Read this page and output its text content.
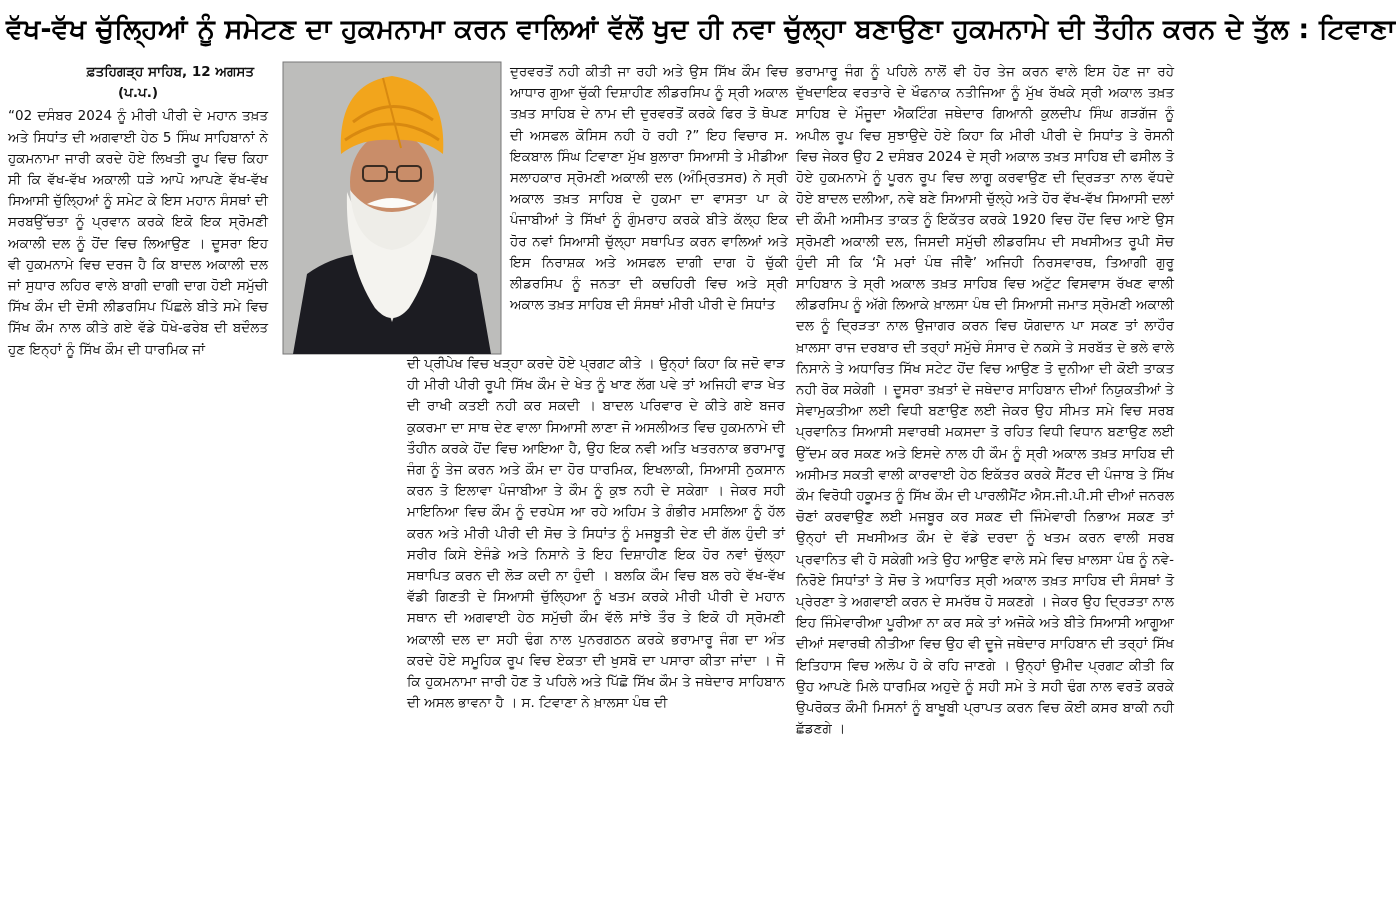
ਵੱਖ-ਵੱਖ ਚੁੱਲ੍ਹਿਆਂ ਨੂੰ ਸਮੇਟਣ ਦਾ ਹੁਕਮਨਾਮਾ ਕਰਨ ਵਾਲਿਆਂ ਵੱਲੋਂ ਖੁਦ ਹੀ ਨਵਾ ਚੁੱਲ੍ਹਾ ਬਣਾਉਣਾ ਹੁਕਮਨਾਮੇ ਦੀ ਤੌਹੀਨ ਕਰਨ ਦੇ ਤੁੱਲ : ਟਿਵਾਣਾ
ਫ਼ਤਹਿਗੜ੍ਹ ਸਾਹਿਬ, 12 ਅਗਸਤ
(ਪ.ਪ.)

“02 ਦਸੰਬਰ 2024 ਨੂੰ ਮੀਰੀ ਪੀਰੀ ਦੇ ਮਹਾਨ ਤਖ਼ਤ ਅਤੇ ਸਿਧਾਂਤ ਦੀ ਅਗਵਾਈ ਹੇਠ 5 ਸਿੰਘ ਸਾਹਿਬਾਨਾਂ ਨੇ ਹੁਕਮਨਾਮਾ ਜਾਰੀ ਕਰਦੇ ਹੋਏ ਲਿਖਤੀ ਰੂਪ ਵਿਚ ਕਿਹਾ ਸੀ ਕਿ ਵੱਖ-ਵੱਖ ਅਕਾਲੀ ਧੜੇ ਆਪੋ ਆਪਣੇ ਵੱਖ-ਵੱਖ ਸਿਆਸੀ ਚੁੱਲ੍ਹਿਆਂ ਨੂੰ ਸਮੇਟ ਕੇ ਇਸ ਮਹਾਨ ਸੰਸਥਾਂ ਦੀ ਸਰਬਉੱਚਤਾ ਨੂੰ ਪ੍ਰਵਾਨ ਕਰਕੇ ਇਕੋ ਇਕ ਸ੍ਰੋਮਣੀ ਅਕਾਲੀ ਦਲ ਨੂੰ ਹੋਂਦ ਵਿਚ ਲਿਆਉਣ । ਦੂਸਰਾ ਇਹ ਵੀ ਹੁਕਮਨਾਮੇ ਵਿਚ ਦਰਜ ਹੈ ਕਿ ਬਾਦਲ ਅਕਾਲੀ ਦਲ ਜਾਂ ਸੁਧਾਰ ਲਹਿਰ ਵਾਲੇ ਬਾਗੀ ਦਾਗੀ ਦਾਗ ਹੋਈ ਸਮੁੱਚੀ ਸਿੱਖ ਕੌਮ ਦੀ ਦੋਸੀ ਲੀਡਰਸਿਪ ਪਿੱਛਲੇ ਬੀਤੇ ਸਮੇ ਵਿਚ ਸਿੱਖ ਕੌਮ ਨਾਲ ਕੀਤੇ ਗਏ ਵੱਡੇ ਧੋਖੇ-ਫਰੇਬ ਦੀ ਬਦੌਲਤ ਹੁਣ ਇਨ੍ਹਾਂ ਨੂੰ ਸਿੱਖ ਕੌਮ ਦੀ ਧਾਰਮਿਕ ਜਾਂ

ਦੁਰਵਰਤੋਂ ਨਹੀ ਕੀਤੀ ਜਾ ਰਹੀ ਅਤੇ ਉਸ ਸਿੱਖ ਕੌਮ ਵਿਚ ਆਧਾਰ ਗੁਆ ਚੁੱਕੀ ਦਿਸ਼ਾਹੀਣ ਲੀਡਰਸਿਪ ਨੂੰ ਸ੍ਰੀ ਅਕਾਲ ਤਖ਼ਤ ਸਾਹਿਬ ਦੇ ਨਾਮ ਦੀ ਦੁਰਵਰਤੋਂ ਕਰਕੇ ਫਿਰ ਤੋ ਥੋਪਣ ਦੀ ਅਸਫਲ ਕੋਸਿਸ ਨਹੀ ਹੋ ਰਹੀ ?” ਇਹ ਵਿਚਾਰ ਸ. ਇਕਬਾਲ ਸਿੰਘ ਟਿਵਾਣਾ ਮੁੱਖ ਬੁਲਾਰਾ ਸਿਆਸੀ ਤੇ ਮੀਡੀਆ ਸਲਾਹਕਾਰ ਸ੍ਰੋਮਣੀ ਅਕਾਲੀ ਦਲ (ਅੰਮ੍ਰਿਤਸਰ) ਨੇ ਸ੍ਰੀ ਅਕਾਲ ਤਖ਼ਤ ਸਾਹਿਬ ਦੇ ਹੁਕਮਾ ਦਾ ਵਾਸਤਾ ਪਾ ਕੇ ਪੰਜਾਬੀਆਂ ਤੇ ਸਿੱਖਾਂ ਨੂੰ ਗੁੰਮਰਾਹ ਕਰਕੇ ਬੀਤੇ ਕੱਲ੍ਹ ਇਕ ਹੋਰ ਨਵਾਂ ਸਿਆਸੀ ਚੁੱਲ੍ਹਾ ਸਥਾਪਿਤ ਕਰਨ ਵਾਲਿਆਂ ਅਤੇ ਇਸ ਨਿਰਾਸ਼ਕ ਅਤੇ ਅਸਫਲ ਦਾਗੀ ਦਾਗ ਹੋ ਚੁੱਕੀ ਲੀਡਰਸਿਪ ਨੂੰ ਜਨਤਾ ਦੀ ਕਚਹਿਰੀ ਵਿਚ ਅਤੇ ਸ੍ਰੀ ਅਕਾਲ ਤਖ਼ਤ ਸਾਹਿਬ ਦੀ ਸੰਸਥਾਂ ਮੀਰੀ ਪੀਰੀ ਦੇ ਸਿਧਾਂਤ

ਦੀ ਪ੍ਰੀਪੇਖ ਵਿਚ ਖੜ੍ਹਾ ਕਰਦੇ ਹੋਏ ਪ੍ਰਗਟ ਕੀਤੇ । ਉਨ੍ਹਾਂ ਕਿਹਾ ਕਿ ਜਦੋ ਵਾੜ ਹੀ ਮੀਰੀ ਪੀਰੀ ਰੂਪੀ ਸਿੱਖ ਕੌਮ ਦੇ ਖੇਤ ਨੂੰ ਖਾਣ ਲੱਗ ਪਵੇ ਤਾਂ ਅਜਿਹੀ ਵਾੜ ਖੇਤ ਦੀ ਰਾਖੀ ਕਤਈ ਨਹੀ ਕਰ ਸਕਦੀ । ਬਾਦਲ ਪਰਿਵਾਰ ਦੇ ਕੀਤੇ ਗਏ ਬਜਰ ਕੁਕਰਮਾ ਦਾ ਸਾਥ ਦੇਣ ਵਾਲਾ ਸਿਆਸੀ ਲਾਣਾ ਜੋ ਅਸਲੀਅਤ ਵਿਚ ਹੁਕਮਨਾਮੇ ਦੀ ਤੌਹੀਨ ਕਰਕੇ ਹੋਂਦ ਵਿਚ ਆਇਆ ਹੈ, ਉਹ ਇਕ ਨਵੀ ਅਤਿ ਖਤਰਨਾਕ ਭਰਾਮਾਰੂ ਜੰਗ ਨੂੰ ਤੇਜ ਕਰਨ ਅਤੇ ਕੌਮ ਦਾ ਹੋਰ ਧਾਰਮਿਕ, ਇਖਲਾਕੀ, ਸਿਆਸੀ ਨੁਕਸਾਨ ਕਰਨ ਤੋ ਇਲਾਵਾ ਪੰਜਾਬੀਆ ਤੇ ਕੌਮ ਨੂੰ ਕੁਝ ਨਹੀ ਦੇ ਸਕੇਗਾ । ਜੇਕਰ ਸਹੀ ਮਾਇਨਿਆ ਵਿਚ ਕੌਮ ਨੂੰ ਦਰਪੇਸ ਆ ਰਹੇ ਅਹਿਮ ਤੇ ਗੰਭੀਰ ਮਸਲਿਆ ਨੂੰ ਹੱਲ ਕਰਨ ਅਤੇ ਮੀਰੀ ਪੀਰੀ ਦੀ ਸੋਚ ਤੇ ਸਿਧਾਂਤ ਨੂੰ ਮਜਬੂਤੀ ਦੇਣ ਦੀ ਗੱਲ ਹੁੰਦੀ ਤਾਂ ਸਰੀਰ ਕਿਸੇ ਏਜੰਡੇ ਅਤੇ ਨਿਸਾਨੇ ਤੋ ਇਹ ਦਿਸ਼ਾਹੀਣ ਇਕ ਹੋਰ ਨਵਾਂ ਚੁੱਲ੍ਹਾ ਸਥਾਪਿਤ ਕਰਨ ਦੀ ਲੋੜ ਕਦੀ ਨਾ ਹੁੰਦੀ । ਬਲਕਿ ਕੌਮ ਵਿਚ ਬਲ ਰਹੇ ਵੱਖ-ਵੱਖ ਵੱਡੀ ਗਿਣਤੀ ਦੇ ਸਿਆਸੀ ਚੁੱਲ੍ਹਿਆ ਨੂੰ ਖਤਮ ਕਰਕੇ ਮੀਰੀ ਪੀਰੀ ਦੇ ਮਹਾਨ ਸਥਾਨ ਦੀ ਅਗਵਾਈ ਹੇਠ ਸਮੁੱਚੀ ਕੌਮ ਵੱਲੋ ਸਾਂਝੇ ਤੌਰ ਤੇ ਇਕੋ ਹੀ ਸ੍ਰੋਮਣੀ ਅਕਾਲੀ ਦਲ ਦਾ ਸਹੀ ਢੰਗ ਨਾਲ ਪੁਨਰਗਠਨ ਕਰਕੇ ਭਰਾਮਾਰੂ ਜੰਗ ਦਾ ਅੰਤ ਕਰਦੇ ਹੋਏ ਸਮੂਹਿਕ ਰੂਪ ਵਿਚ ਏਕਤਾ ਦੀ ਖੁਸਬੋ ਦਾ ਪਸਾਰਾ ਕੀਤਾ ਜਾਂਦਾ । ਜੋ ਕਿ ਹੁਕਮਨਾਮਾ ਜਾਰੀ ਹੋਣ ਤੋ ਪਹਿਲੇ ਅਤੇ ਪਿੱਛੋ ਸਿੱਖ ਕੌਮ ਤੇ ਜਥੇਦਾਰ ਸਾਹਿਬਾਨ ਦੀ ਅਸਲ ਭਾਵਨਾ ਹੈ । ਸ. ਟਿਵਾਣਾ ਨੇ ਖ਼ਾਲਸਾ ਪੰਥ ਦੀ

ਭਰਾਮਾਰੂ ਜੰਗ ਨੂੰ ਪਹਿਲੇ ਨਾਲੋਂ ਵੀ ਹੋਰ ਤੇਜ ਕਰਨ ਵਾਲੇ ਇਸ ਹੋਣ ਜਾ ਰਹੇ ਦੁੱਖਦਾਇਕ ਵਰਤਾਰੇ ਦੇ ਖੌਫਨਾਕ ਨਤੀਜਿਆ ਨੂੰ ਮੁੱਖ ਰੱਖਕੇ ਸ੍ਰੀ ਅਕਾਲ ਤਖ਼ਤ ਸਾਹਿਬ ਦੇ ਮੌਜੂਦਾ ਐਕਟਿੰਗ ਜਥੇਦਾਰ ਗਿਆਨੀ ਕੁਲਦੀਪ ਸਿੰਘ ਗੜਗੱਜ ਨੂੰ ਅਪੀਲ ਰੂਪ ਵਿਚ ਸੁਝਾਉਦੇ ਹੋਏ ਕਿਹਾ ਕਿ ਮੀਰੀ ਪੀਰੀ ਦੇ ਸਿਧਾਂਤ ਤੇ ਰੋਸਨੀ ਵਿਚ ਜੇਕਰ ਉਹ 2 ਦਸੰਬਰ 2024 ਦੇ ਸ੍ਰੀ ਅਕਾਲ ਤਖ਼ਤ ਸਾਹਿਬ ਦੀ ਫਸੀਲ ਤੋ ਹੋਏ ਹੁਕਮਨਾਮੇ ਨੂੰ ਪੂਰਨ ਰੂਪ ਵਿਚ ਲਾਗੂ ਕਰਵਾਉਣ ਦੀ ਦ੍ਰਿੜਤਾ ਨਾਲ ਵੱਧਦੇ ਹੋਏ ਬਾਦਲ ਦਲੀਆ, ਨਵੇ ਬਣੇ ਸਿਆਸੀ ਚੁੱਲ੍ਹੇ ਅਤੇ ਹੋਰ ਵੱਖ-ਵੱਖ ਸਿਆਸੀ ਦਲਾਂ ਦੀ ਕੌਮੀ ਅਸੀਮਤ ਤਾਕਤ ਨੂੰ ਇਕੱਤਰ ਕਰਕੇ 1920 ਵਿਚ ਹੋਂਦ ਵਿਚ ਆਏ ਉਸ ਸ੍ਰੋਮਣੀ ਅਕਾਲੀ ਦਲ, ਜਿਸਦੀ ਸਮੁੱਚੀ ਲੀਡਰਸਿਪ ਦੀ ਸਖਸੀਅਤ ਰੂਪੀ ਸੋਚ ਹੁੰਦੀ ਸੀ ਕਿ ‘ਮੈ ਮਰਾਂ ਪੰਥ ਜੀਵੈ’ ਅਜਿਹੀ ਨਿਰਸਵਾਰਥ, ਤਿਆਗੀ ਗੁਰੂ ਸਾਹਿਬਾਨ ਤੇ ਸ੍ਰੀ ਅਕਾਲ ਤਖ਼ਤ ਸਾਹਿਬ ਵਿਚ ਅਟੁੱਟ ਵਿਸਵਾਸ ਰੱਖਣ ਵਾਲੀ ਲੀਡਰਸਿਪ ਨੂੰ ਅੱਗੇ ਲਿਆਕੇ ਖ਼ਾਲਸਾ ਪੰਥ ਦੀ ਸਿਆਸੀ ਜਮਾਤ ਸ੍ਰੋਮਣੀ ਅਕਾਲੀ ਦਲ ਨੂੰ ਦ੍ਰਿੜਤਾ ਨਾਲ ਉਜਾਗਰ ਕਰਨ ਵਿਚ ਯੋਗਦਾਨ ਪਾ ਸਕਣ ਤਾਂ ਲਾਹੌਰ ਖ਼ਾਲਸਾ ਰਾਜ ਦਰਬਾਰ ਦੀ ਤਰ੍ਹਾਂ ਸਮੁੱਚੇ ਸੰਸਾਰ ਦੇ ਨਕਸੇ ਤੇ ਸਰਬੱਤ ਦੇ ਭਲੇ ਵਾਲੇ ਨਿਸਾਨੇ ਤੇ ਅਧਾਰਿਤ ਸਿੱਖ ਸਟੇਟ ਹੋਂਦ ਵਿਚ ਆਉਣ ਤੋ ਦੁਨੀਆ ਦੀ ਕੋਈ ਤਾਕਤ ਨਹੀ ਰੋਕ ਸਕੇਗੀ । ਦੂਸਰਾ ਤਖ਼ਤਾਂ ਦੇ ਜਥੇਦਾਰ ਸਾਹਿਬਾਨ ਦੀਆਂ ਨਿਯੁਕਤੀਆਂ ਤੇ ਸੇਵਾਮੁਕਤੀਆ ਲਈ ਵਿਧੀ ਬਣਾਉਣ ਲਈ ਜੇਕਰ ਉਹ ਸੀਮਤ ਸਮੇ ਵਿਚ ਸਰਬ ਪ੍ਰਵਾਨਿਤ ਸਿਆਸੀ ਸਵਾਰਥੀ ਮਕਸਦਾ ਤੋ ਰਹਿਤ ਵਿਧੀ ਵਿਧਾਨ ਬਣਾਉਣ ਲਈ ਉੱਦਮ ਕਰ ਸਕਣ ਅਤੇ ਇਸਦੇ ਨਾਲ ਹੀ ਕੌਮ ਨੂੰ ਸ੍ਰੀ ਅਕਾਲ ਤਖ਼ਤ ਸਾਹਿਬ ਦੀ ਅਸੀਮਤ ਸਕਤੀ ਵਾਲੀ ਕਾਰਵਾਈ ਹੇਠ ਇਕੱਤਰ ਕਰਕੇ ਸੈਂਟਰ ਦੀ ਪੰਜਾਬ ਤੇ ਸਿੱਖ ਕੌਮ ਵਿਰੋਧੀ ਹਕੂਮਤ ਨੂੰ ਸਿੱਖ ਕੌਮ ਦੀ ਪਾਰਲੀਮੈਂਟ ਐਸ.ਜੀ.ਪੀ.ਸੀ ਦੀਆਂ ਜਨਰਲ ਚੋਣਾਂ ਕਰਵਾਉਣ ਲਈ ਮਜਬੂਰ ਕਰ ਸਕਣ ਦੀ ਜਿੰਮੇਵਾਰੀ ਨਿਭਾਅ ਸਕਣ ਤਾਂ ਉਨ੍ਹਾਂ ਦੀ ਸਖਸੀਅਤ ਕੌਮ ਦੇ ਵੱਡੇ ਦਰਦਾ ਨੂੰ ਖਤਮ ਕਰਨ ਵਾਲੀ ਸਰਬ ਪ੍ਰਵਾਨਿਤ ਵੀ ਹੋ ਸਕੇਗੀ ਅਤੇ ਉਹ ਆਉਣ ਵਾਲੇ ਸਮੇ ਵਿਚ ਖ਼ਾਲਸਾ ਪੰਥ ਨੂੰ ਨਵੇ-ਨਿਰੋਏ ਸਿਧਾਂਤਾਂ ਤੇ ਸੋਚ ਤੇ ਅਧਾਰਿਤ ਸ੍ਰੀ ਅਕਾਲ ਤਖ਼ਤ ਸਾਹਿਬ ਦੀ ਸੰਸਥਾਂ ਤੋ ਪ੍ਰੇਰਣਾ ਤੇ ਅਗਵਾਈ ਕਰਨ ਦੇ ਸਮਰੱਥ ਹੋ ਸਕਣਗੇ । ਜੇਕਰ ਉਹ ਦ੍ਰਿੜਤਾ ਨਾਲ ਇਹ ਜਿੰਮੇਵਾਰੀਆ ਪੂਰੀਆ ਨਾ ਕਰ ਸਕੇ ਤਾਂ ਅਜੋਕੇ ਅਤੇ ਬੀਤੇ ਸਿਆਸੀ ਆਗੂਆ ਦੀਆਂ ਸਵਾਰਥੀ ਨੀਤੀਆ ਵਿਚ ਉਹ ਵੀ ਦੂਜੇ ਜਥੇਦਾਰ ਸਾਹਿਬਾਨ ਦੀ ਤਰ੍ਹਾਂ ਸਿੱਖ ਇਤਿਹਾਸ ਵਿਚ ਅਲੋਪ ਹੋ ਕੇ ਰਹਿ ਜਾਣਗੇ । ਉਨ੍ਹਾਂ ਉਮੀਦ ਪ੍ਰਗਟ ਕੀਤੀ ਕਿ ਉਹ ਆਪਣੇ ਮਿਲੇ ਧਾਰਮਿਕ ਅਹੁਦੇ ਨੂੰ ਸਹੀ ਸਮੇ ਤੇ ਸਹੀ ਢੰਗ ਨਾਲ ਵਰਤੋ ਕਰਕੇ ਉਪਰੋਕਤ ਕੌਮੀ ਮਿਸਨਾਂ ਨੂੰ ਬਾਖੂਬੀ ਪ੍ਰਾਪਤ ਕਰਨ ਵਿਚ ਕੋਈ ਕਸਰ ਬਾਕੀ ਨਹੀ ਛੱਡਣਗੇ ।
